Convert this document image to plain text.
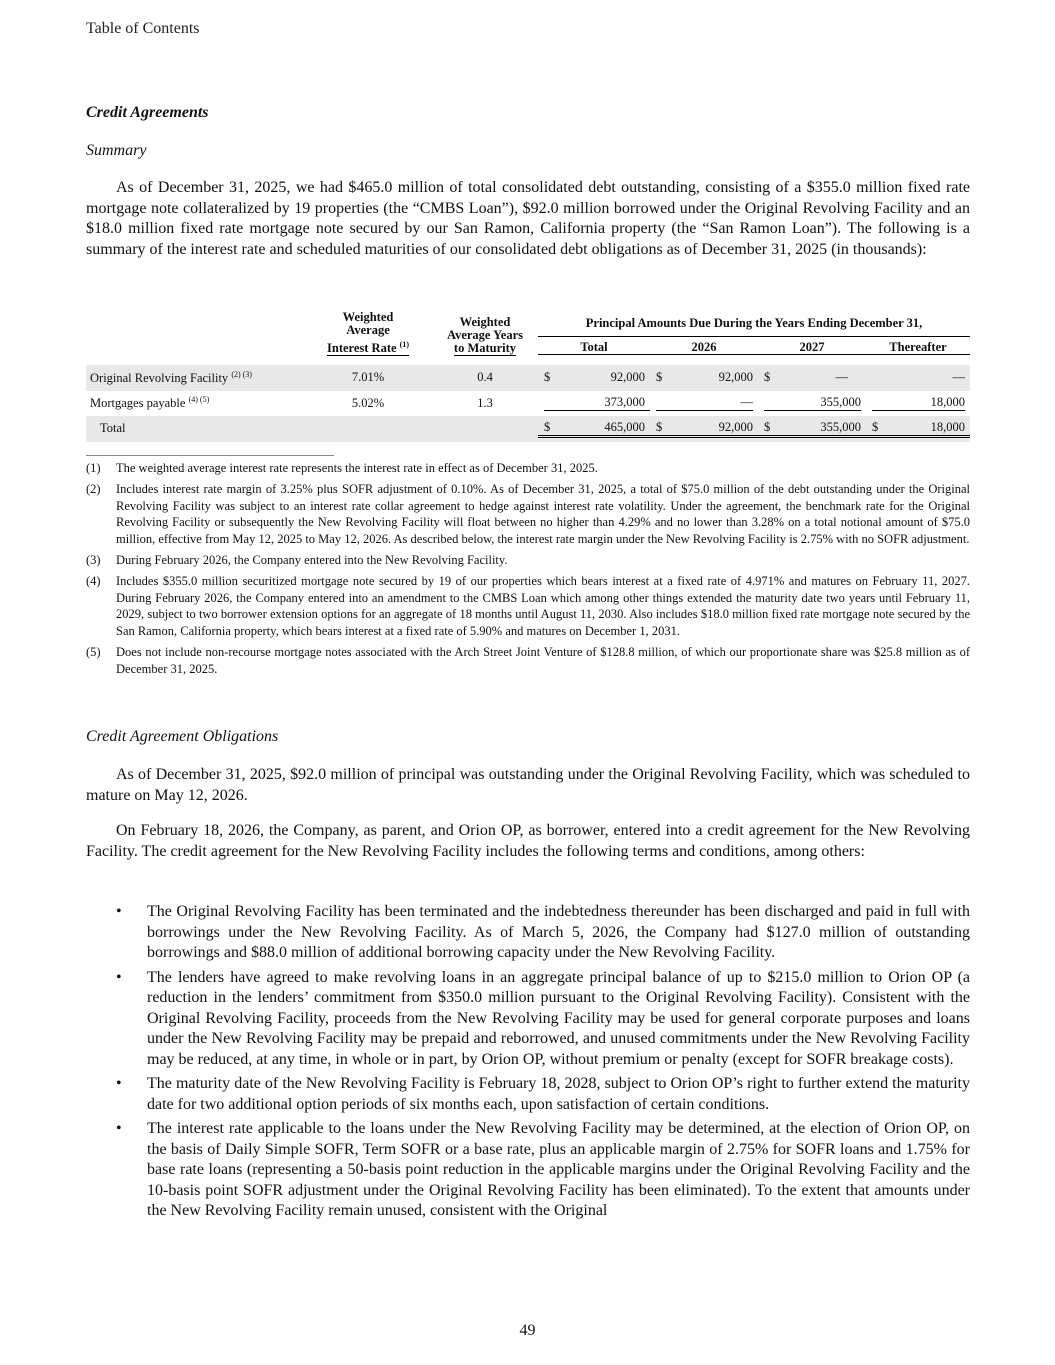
Table of Contents

Credit Agreements

Summary

As of December 31, 2025, we had $465.0 million of total consolidated debt outstanding, consisting of a $355.0 million fixed rate mortgage note collateralized by 19 properties (the “CMBS Loan”), $92.0 million borrowed under the Original Revolving Facility and an $18.0 million fixed rate mortgage note secured by our San Ramon, California property (the “San Ramon Loan”). The following is a summary of the interest rate and scheduled maturities of our consolidated debt obligations as of December 31, 2025 (in thousands):

	Weighted
Average
Interest Rate $^{(1)}$	Weighted
Average Years
to Maturity	Principal Amounts Due During the Years Ending December 31,			
			Total	2026	2027	Thereafter

Original Revolving Facility $^{(2) (3)}$	7.01%	0.4	$ 92,000	$ 92,000	$ —	—
Mortgages payable $^{(4) (5)}$	5.02%	1.3	373,000	—	355,000	18,000

Total			$ 465,000	$ 92,000	$ 355,000	$ 18,000
(1)	The weighted average interest rate represents the interest rate in effect as of December 31, 2025.
(2)	Includes interest rate margin of 3.25% plus SOFR adjustment of 0.10%. As of December 31, 2025, a total of $75.0 million of the debt outstanding under the Original Revolving Facility was subject to an interest rate collar agreement to hedge against interest rate volatility. Under the agreement, the benchmark rate for the Original Revolving Facility or subsequently the New Revolving Facility will float between no higher than 4.29% and no lower than 3.28% on a total notional amount of $75.0 million, effective from May 12, 2025 to May 12, 2026. As described below, the interest rate margin under the New Revolving Facility is 2.75% with no SOFR adjustment.
(3)	During February 2026, the Company entered into the New Revolving Facility.
(4)	Includes $355.0 million securitized mortgage note secured by 19 of our properties which bears interest at a fixed rate of 4.971% and matures on February 11, 2027. During February 2026, the Company entered into an amendment to the CMBS Loan which among other things extended the maturity date two years until February 11, 2029, subject to two borrower extension options for an aggregate of 18 months until August 11, 2030. Also includes $18.0 million fixed rate mortgage note secured by the San Ramon, California property, which bears interest at a fixed rate of 5.90% and matures on December 1, 2031.
(5)	Does not include non-recourse mortgage notes associated with the Arch Street Joint Venture of $128.8 million, of which our proportionate share was $25.8 million as of December 31, 2025.

Credit Agreement Obligations

As of December 31, 2025, $92.0 million of principal was outstanding under the Original Revolving Facility, which was scheduled to mature on May 12, 2026.

On February 18, 2026, the Company, as parent, and Orion OP, as borrower, entered into a credit agreement for the New Revolving Facility. The credit agreement for the New Revolving Facility includes the following terms and conditions, among others:

•	The Original Revolving Facility has been terminated and the indebtedness thereunder has been discharged and paid in full with borrowings under the New Revolving Facility. As of March 5, 2026, the Company had $127.0 million of outstanding borrowings and $88.0 million of additional borrowing capacity under the New Revolving Facility.
•	The lenders have agreed to make revolving loans in an aggregate principal balance of up to $215.0 million to Orion OP (a reduction in the lenders’ commitment from $350.0 million pursuant to the Original Revolving Facility). Consistent with the Original Revolving Facility, proceeds from the New Revolving Facility may be used for general corporate purposes and loans under the New Revolving Facility may be prepaid and reborrowed, and unused commitments under the New Revolving Facility may be reduced, at any time, in whole or in part, by Orion OP, without premium or penalty (except for SOFR breakage costs).
•	The maturity date of the New Revolving Facility is February 18, 2028, subject to Orion OP’s right to further extend the maturity date for two additional option periods of six months each, upon satisfaction of certain conditions.
•	The interest rate applicable to the loans under the New Revolving Facility may be determined, at the election of Orion OP, on the basis of Daily Simple SOFR, Term SOFR or a base rate, plus an applicable margin of 2.75% for SOFR loans and 1.75% for base rate loans (representing a 50-basis point reduction in the applicable margins under the Original Revolving Facility and the 10-basis point SOFR adjustment under the Original Revolving Facility has been eliminated). To the extent that amounts under the New Revolving Facility remain unused, consistent with the Original
49
